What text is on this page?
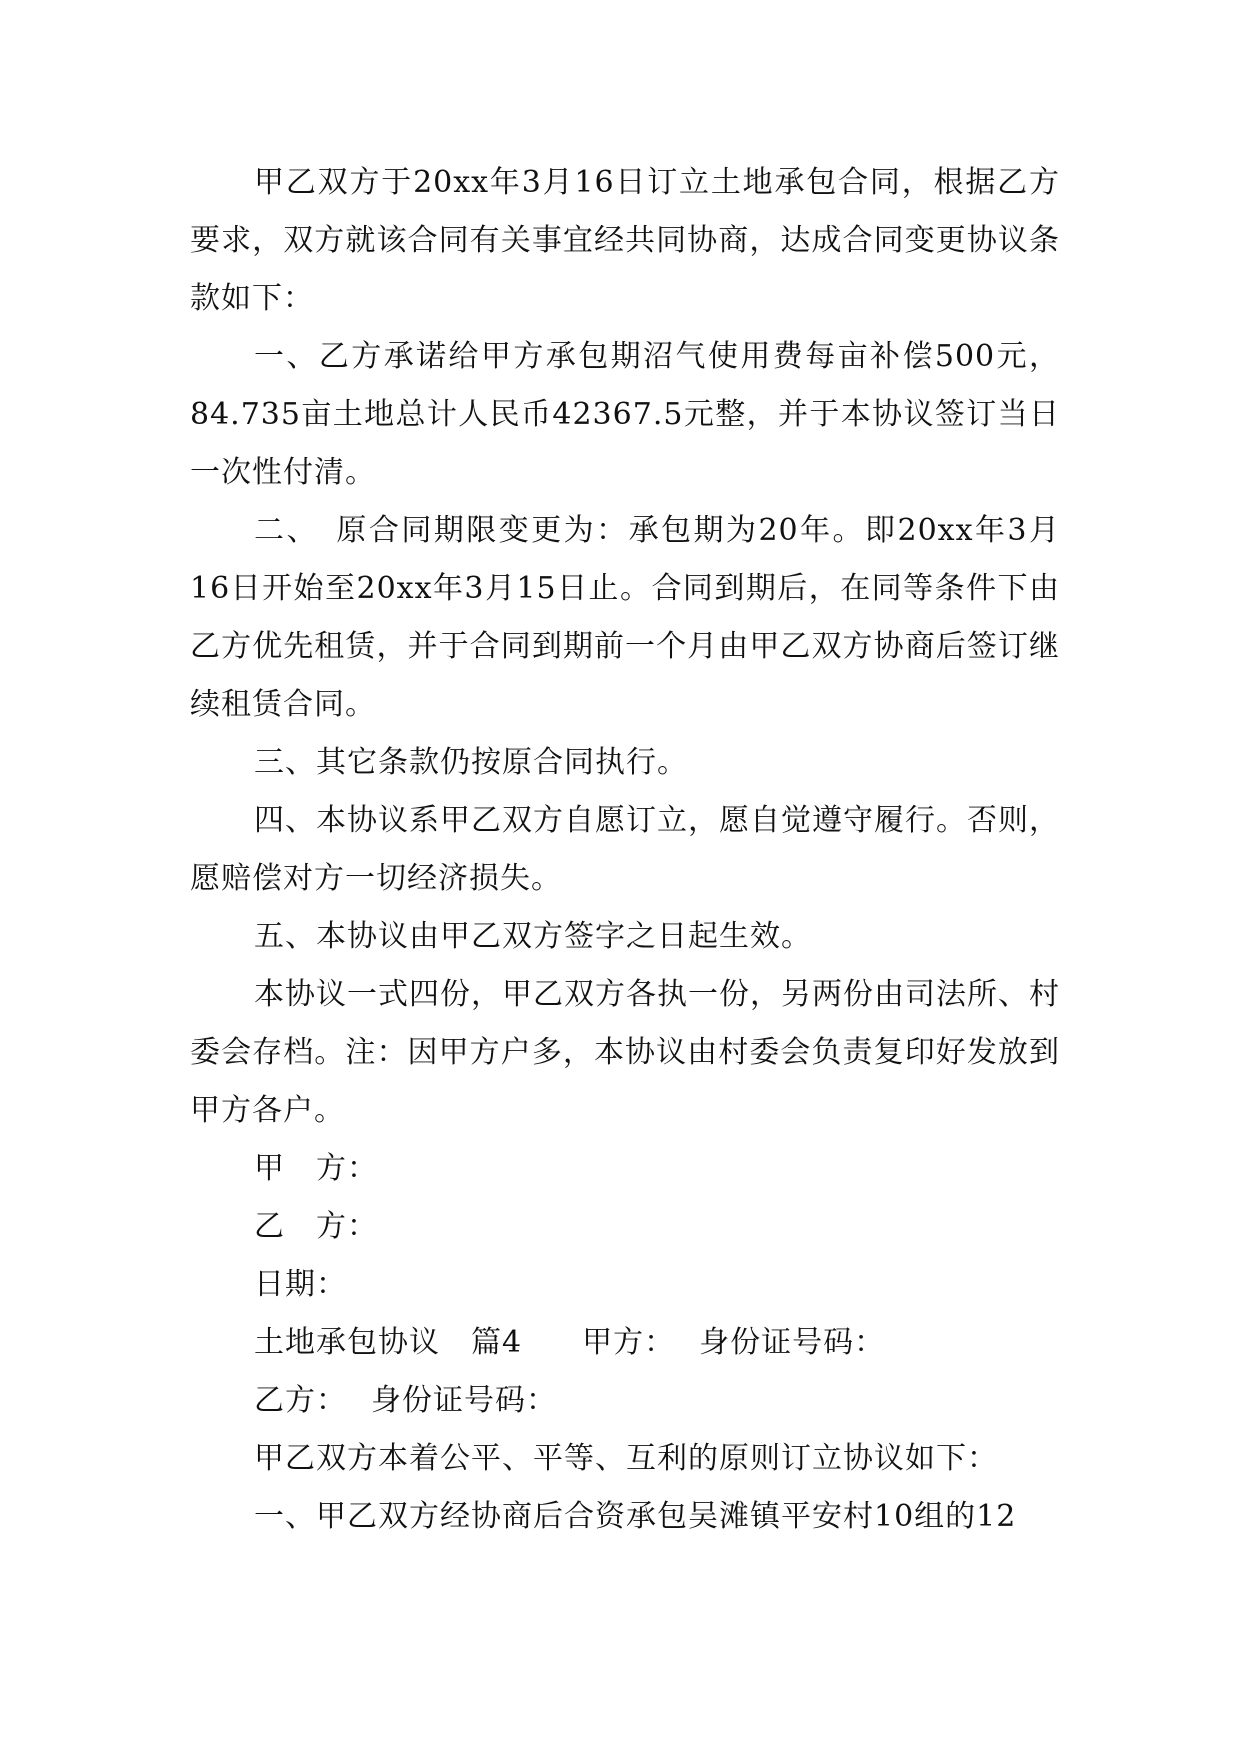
甲乙双方于20xx年3月16日订立土地承包合同，根据乙方要求，双方就该合同有关事宜经共同协商，达成合同变更协议条款如下：

一、乙方承诺给甲方承包期沼气使用费每亩补偿500元，84.735亩土地总计人民币42367.5元整，并于本协议签订当日一次性付清。

二、　原合同期限变更为：承包期为20年。即20xx年3月16日开始至20xx年3月15日止。合同到期后，在同等条件下由乙方优先租赁，并于合同到期前一个月由甲乙双方协商后签订继续租赁合同。

三、其它条款仍按原合同执行。

四、本协议系甲乙双方自愿订立，愿自觉遵守履行。否则，愿赔偿对方一切经济损失。

五、本协议由甲乙双方签字之日起生效。

本协议一式四份，甲乙双方各执一份，另两份由司法所、村委会存档。注：因甲方户多，本协议由村委会负责复印好发放到甲方各户。

甲　方：

乙　方：

日期：

土地承包协议　篇4 甲方： 身份证号码：

乙方： 身份证号码：

甲乙双方本着公平、平等、互利的原则订立协议如下：

一、甲乙双方经协商后合资承包吴滩镇平安村10组的12
